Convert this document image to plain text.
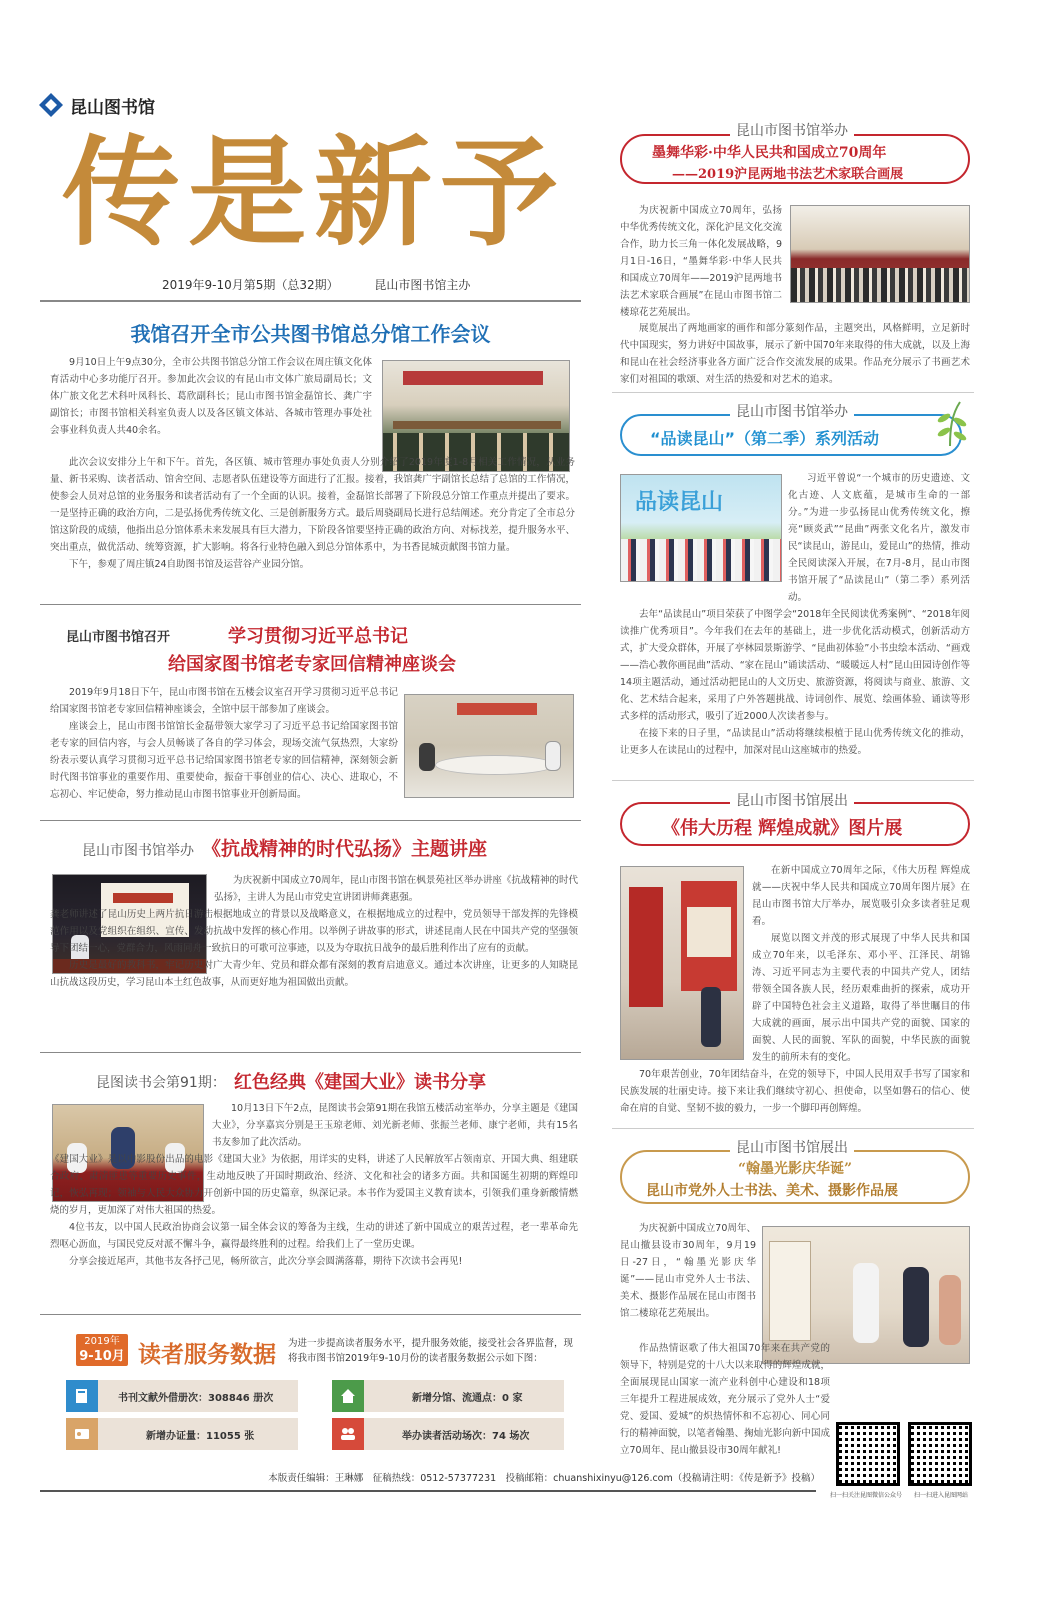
昆山图书馆
传是新予
2019年9-10月第5期（总32期）	昆山市图书馆主办
我馆召开全市公共图书馆总分馆工作会议

9月10日上午9点30分，全市公共图书馆总分馆工作会议在周庄镇文化体育活动中心多功能厅召开。参加此次会议的有昆山市文体广旅局副局长；文体广旅文化艺术科叶凤科长、葛欣副科长；昆山市图书馆金磊馆长、龚广宇副馆长；市图书馆相关科室负责人以及各区镇文体站、各城市管理办事处社会事业科负责人共40余名。

此次会议安排分上午和下午。首先，各区镇、城市管理办事处负责人分别介绍了2019年度1-8月相关工作情况，从业务量、新书采购、读者活动、馆舍空间、志愿者队伍建设等方面进行了汇报。接着，我馆龚广宇副馆长总结了总馆的工作情况，使参会人员对总馆的业务服务和读者活动有了一个全面的认识。接着，金磊馆长部署了下阶段总分馆工作重点并提出了要求。一是坚持正确的政治方向，二是弘扬优秀传统文化、三是创新服务方式。最后周骁副局长进行总结阐述。充分肯定了全市总分馆这阶段的成绩，他指出总分馆体系未来发展具有巨大潜力，下阶段各馆要坚持正确的政治方向、对标找差，提升服务水平、突出重点，做优活动、统筹资源，扩大影响。将各行业特色融入到总分馆体系中，为书香昆城贡献图书馆力量。

下午，参观了周庄镇24自助图书馆及运营谷产业园分馆。

昆山市图书馆召开	学习贯彻习近平总书记
给国家图书馆老专家回信精神座谈会

2019年9月18日下午，昆山市图书馆在五楼会议室召开学习贯彻习近平总书记给国家图书馆老专家回信精神座谈会，全馆中层干部参加了座谈会。

座谈会上，昆山市图书馆馆长金磊带领大家学习了习近平总书记给国家图书馆老专家的回信内容，与会人员畅谈了各自的学习体会，现场交流气氛热烈，大家纷纷表示要认真学习贯彻习近平总书记给国家图书馆老专家的回信精神，深刻领会新时代图书馆事业的重要作用、重要使命，振奋干事创业的信心、决心、进取心，不忘初心、牢记使命，努力推动昆山市图书馆事业开创新局面。

昆山市图书馆举办 《抗战精神的时代弘扬》主题讲座

为庆祝新中国成立70周年，昆山市图书馆在枫景苑社区举办讲座《抗战精神的时代弘扬》，主讲人为昆山市党史宣讲团讲师龚惠强。

龚老师讲述了昆山历史上两片抗日游击根据地成立的背景以及战略意义，在根据地成立的过程中，党员领导干部发挥的先锋模范作用以及党组织在组织、宣传、发动抗战中发挥的核心作用。以举例子讲故事的形式，讲述昆南人民在中国共产党的坚强领导下团结一心，党群合力，风雨同舟一致抗日的可歌可泣事迹，以及为夺取抗日战争的最后胜利作出了应有的贡献。

历史是最好的教科书，牢记历史对广大青少年、党员和群众都有深刻的教育启迪意义。通过本次讲座，让更多的人知晓昆山抗战这段历史，学习昆山本土红色故事，从而更好地为祖国做出贡献。

昆图读书会第91期： 红色经典《建国大业》读书分享

10月13日下午2点，昆图读书会第91期在我馆五楼活动室举办，分享主题是《建国大业》，分享嘉宾分别是王玉琼老师、刘光新老师、张振兰老师、康宁老师，共有15名书友参加了此次活动。

《建国大业》是以中影股份出品的电影《建国大业》为依据，用详实的史料，讲述了人民解放军占领南京、开国大典、组建联合政府、肃清匪患等重要历史事件，生动地反映了开国时期政治、经济、文化和社会的诸多方面。共和国诞生初期的辉煌印记，恢弘再现；领袖与人民大众协力开创新中国的历史篇章，纵深记录。本书作为爱国主义教育读本，引领我们重身新酸情燃烧的岁月，更加深了对伟大祖国的热爱。

4位书友，以中国人民政治协商会议第一届全体会议的筹备为主线，生动的讲述了新中国成立的艰苦过程，老一辈革命先烈呕心沥血，与国民党反对派不懈斗争，赢得最终胜利的过程。给我们上了一堂历史课。

分享会接近尾声，其他书友各抒己见，畅所欲言，此次分享会圆满落幕，期待下次读书会再见!

2019年
9-10月 读者服务数据 为进一步提高读者服务水平，提升服务效能，接受社会各界监督，现将我市图书馆2019年9-10月份的读者服务数据公示如下图：
书刊文献外借册次：308846 册次	新增分馆、流通点：0 家
新增办证量：11055 张	举办读者活动场次：74 场次
昆山市图书馆举办
墨舞华彩·中华人民共和国成立70周年
——2019沪昆两地书法艺术家联合画展

为庆祝新中国成立70周年，弘扬中华优秀传统文化，深化沪昆文化交流合作，助力长三角一体化发展战略，9月1日-16日，“墨舞华彩·中华人民共和国成立70周年——2019沪昆两地书法艺术家联合画展”在昆山市图书馆二楼琼花艺苑展出。

展览展出了两地画家的画作和部分篆刻作品，主题突出，风格鲜明，立足新时代中国现实，努力讲好中国故事，展示了新中国70年来取得的伟大成就，以及上海和昆山在社会经济事业各方面广泛合作交流发展的成果。作品充分展示了书画艺术家们对祖国的歌颂、对生活的热爱和对艺术的追求。

昆山市图书馆举办
“品读昆山”（第二季）系列活动
品读昆山

习近平曾说“一个城市的历史遗迹、文化古迹、人文底蕴，是城市生命的一部分。”为进一步弘扬昆山优秀传统文化，擦亮“顾炎武”“昆曲”两张文化名片，激发市民“读昆山，游昆山，爱昆山”的热情，推动全民阅读深入开展，在7月-8月，昆山市图书馆开展了“品读昆山”（第二季）系列活动。

去年“品读昆山”项目荣获了中图学会“2018年全民阅读优秀案例”、“2018年阅读推广优秀项目”。今年我们在去年的基础上，进一步优化活动模式，创新活动方式，扩大受众群体，开展了亭林园景斯游学、“昆曲初体验”小书虫绘本活动、“画戏——浩心教你画昆曲”活动、“家在昆山”诵读活动、“暖暖远人村”昆山田园诗创作等14项主题活动，通过活动把昆山的人文历史、旅游资源，将阅读与商业、旅游、文化、艺术结合起来，采用了户外答题挑战、诗词创作、展览、绘画体验、诵读等形式多样的活动形式，吸引了近2000人次读者参与。

在接下来的日子里，“品读昆山”活动将继续根植于昆山优秀传统文化的推动，让更多人在读昆山的过程中，加深对昆山这座城市的热爱。

昆山市图书馆展出
《伟大历程 辉煌成就》图片展

在新中国成立70周年之际，《伟大历程 辉煌成就——庆祝中华人民共和国成立70周年图片展》在昆山市图书馆大厅举办，展览吸引众多读者驻足观看。

展览以图文并茂的形式展现了中华人民共和国成立70年来，以毛泽东、邓小平、江泽民、胡锦涛、习近平同志为主要代表的中国共产党人，团结带领全国各族人民，经历艰难曲折的探索，成功开辟了中国特色社会主义道路，取得了举世瞩目的伟大成就的画面，展示出中国共产党的面貌、国家的面貌、人民的面貌、军队的面貌，中华民族的面貌发生的前所未有的变化。

70年艰苦创业，70年团结奋斗，在党的领导下，中国人民用双手书写了国家和民族发展的壮丽史诗。接下来让我们继续守初心、担使命，以坚如磐石的信心、使命在肩的自觉、坚韧不拔的毅力，一步一个脚印再创辉煌。

昆山市图书馆展出
“翰墨光影庆华诞”
昆山市党外人士书法、美术、摄影作品展

为庆祝新中国成立70周年、昆山撤县设市30周年，9月19日-27日，“翰墨光影庆华诞”——昆山市党外人士书法、美术、摄影作品展在昆山市图书馆二楼琼花艺苑展出。

作品热情讴歌了伟大祖国70年来在共产党的领导下，特别是党的十八大以来取得的辉煌成就，全面展现昆山国家一流产业科创中心建设和18项三年提升工程进展成效，充分展示了党外人士“爱党、爱国、爱城”的炽热情怀和不忘初心、同心同行的精神面貌，以笔者翰墨、掬灿光影向新中国成立70周年、昆山撤县设市30周年献礼!

扫一扫关注昆图微信公众号	扫一扫进入昆图网站
本版责任编辑：王琳娜　征稿热线：0512-57377231　投稿邮箱：chuanshixinyu@126.com（投稿请注明：《传是新予》投稿）
